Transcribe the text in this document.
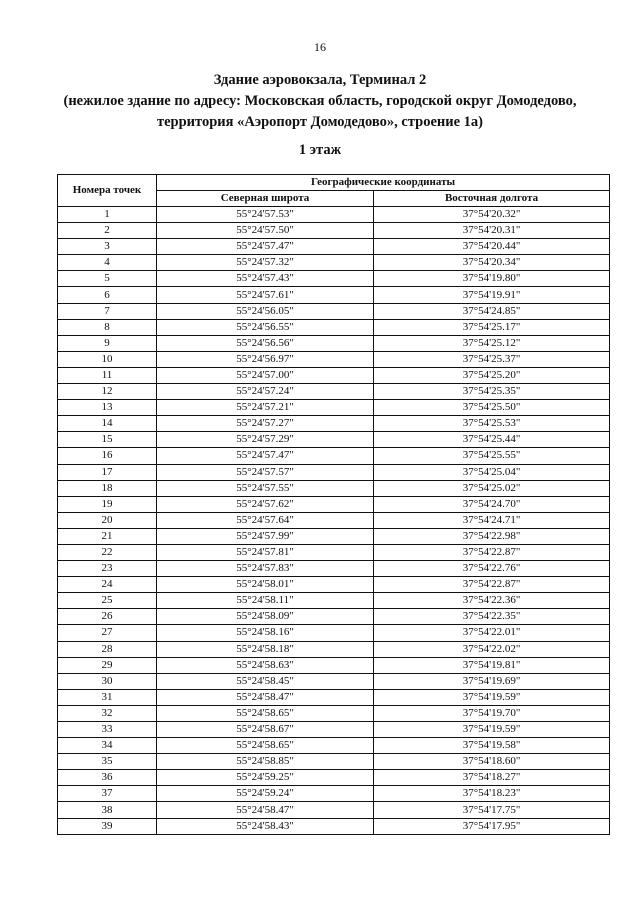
16
Здание аэровокзала, Терминал 2
(нежилое здание по адресу: Московская область, городской округ Домодедово,
территория «Аэропорт Домодедово», строение 1а)
1 этаж
Номера точек	Географические координаты	
	Северная широта	Восточная долгота
1	55°24'57.53"	37°54'20.32"
2	55°24'57.50"	37°54'20.31"
3	55°24'57.47"	37°54'20.44"
4	55°24'57.32"	37°54'20.34"
5	55°24'57.43"	37°54'19.80"
6	55°24'57.61"	37°54'19.91"
7	55°24'56.05"	37°54'24.85"
8	55°24'56.55"	37°54'25.17"
9	55°24'56.56"	37°54'25.12"
10	55°24'56.97"	37°54'25.37"
11	55°24'57.00"	37°54'25.20"
12	55°24'57.24"	37°54'25.35"
13	55°24'57.21"	37°54'25.50"
14	55°24'57.27"	37°54'25.53"
15	55°24'57.29"	37°54'25.44"
16	55°24'57.47"	37°54'25.55"
17	55°24'57.57"	37°54'25.04"
18	55°24'57.55"	37°54'25.02"
19	55°24'57.62"	37°54'24.70"
20	55°24'57.64"	37°54'24.71"
21	55°24'57.99"	37°54'22.98"
22	55°24'57.81"	37°54'22.87"
23	55°24'57.83"	37°54'22.76"
24	55°24'58.01"	37°54'22.87"
25	55°24'58.11"	37°54'22.36"
26	55°24'58.09"	37°54'22.35"
27	55°24'58.16"	37°54'22.01"
28	55°24'58.18"	37°54'22.02"
29	55°24'58.63"	37°54'19.81"
30	55°24'58.45"	37°54'19.69"
31	55°24'58.47"	37°54'19.59"
32	55°24'58.65"	37°54'19.70"
33	55°24'58.67"	37°54'19.59"
34	55°24'58.65"	37°54'19.58"
35	55°24'58.85"	37°54'18.60"
36	55°24'59.25"	37°54'18.27"
37	55°24'59.24"	37°54'18.23"
38	55°24'58.47"	37°54'17.75"
39	55°24'58.43"	37°54'17.95"
